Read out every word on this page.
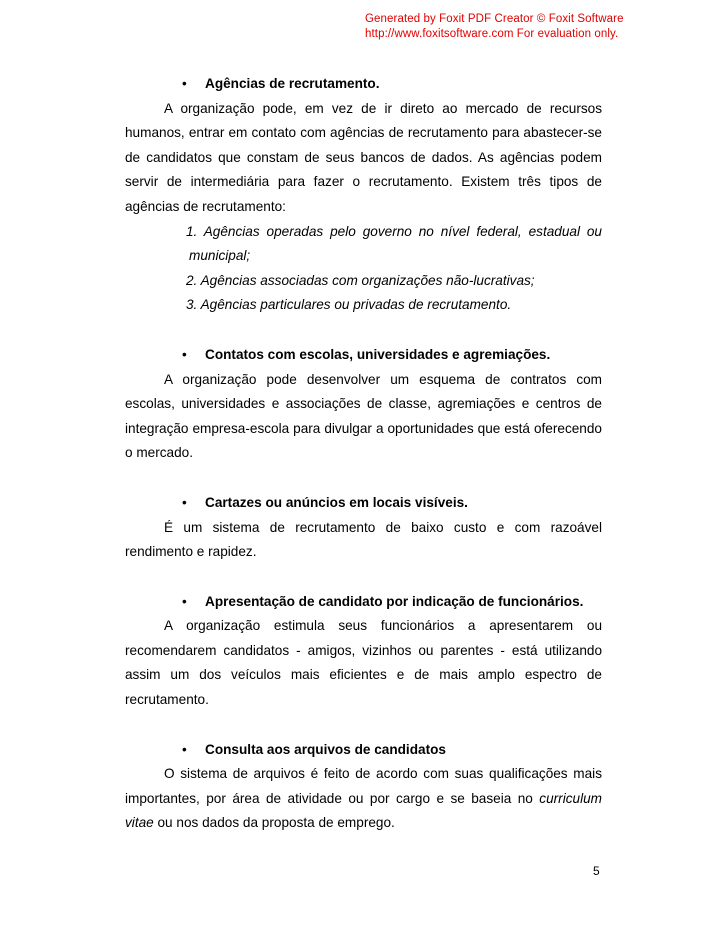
Generated by Foxit PDF Creator © Foxit Software
http://www.foxitsoftware.com For evaluation only.
•	Agências de recrutamento.

A organização pode, em vez de ir direto ao mercado de recursos humanos, entrar em contato com agências de recrutamento para abastecer-se de candidatos que constam de seus bancos de dados. As agências podem servir de intermediária para fazer o recrutamento. Existem três tipos de agências de recrutamento:

1. Agências operadas pelo governo no nível federal, estadual ou municipal;

2. Agências associadas com organizações não-lucrativas;

3. Agências particulares ou privadas de recrutamento.

•	Contatos com escolas, universidades e agremiações.

A organização pode desenvolver um esquema de contratos com escolas, universidades e associações de classe, agremiações e centros de integração empresa-escola para divulgar a oportunidades que está oferecendo o mercado.

•	Cartazes ou anúncios em locais visíveis.

É um sistema de recrutamento de baixo custo e com razoável rendimento e rapidez.

•	Apresentação de candidato por indicação de funcionários.

A organização estimula seus funcionários a apresentarem ou recomendarem candidatos - amigos, vizinhos ou parentes - está utilizando assim um dos veículos mais eficientes e de mais amplo espectro de recrutamento.

•	Consulta aos arquivos de candidatos

O sistema de arquivos é feito de acordo com suas qualificações mais importantes, por área de atividade ou por cargo e se baseia no curriculum vitae ou nos dados da proposta de emprego.

5
